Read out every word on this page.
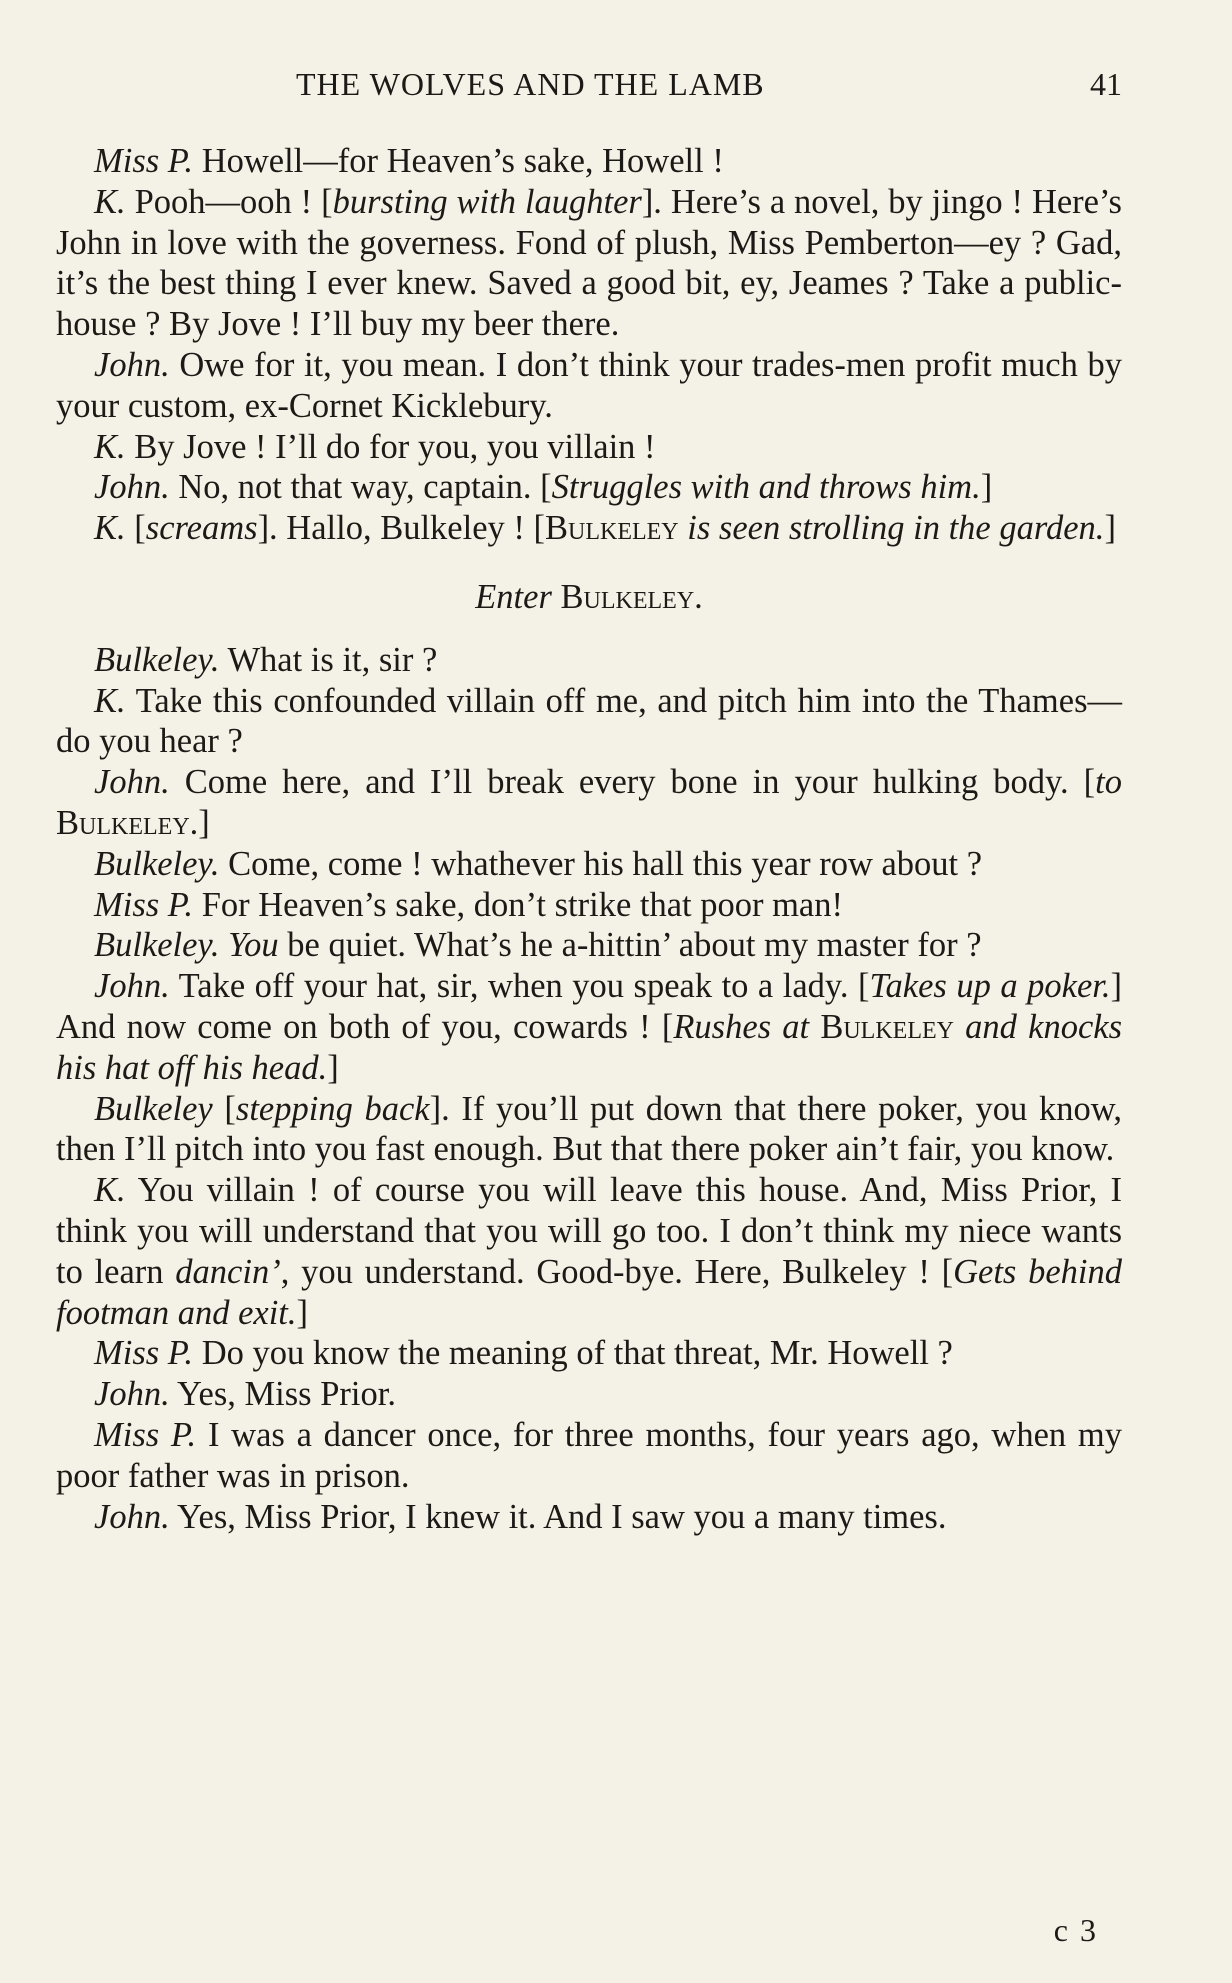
THE WOLVES AND THE LAMB	41

Miss P. Howell—for Heaven’s sake, Howell !

K. Pooh—ooh ! [bursting with laughter]. Here’s a novel, by jingo ! Here’s John in love with the governess. Fond of plush, Miss Pemberton—ey ? Gad, it’s the best thing I ever knew. Saved a good bit, ey, Jeames ? Take a public-house ? By Jove ! I’ll buy my beer there.

John. Owe for it, you mean. I don’t think your trades-men profit much by your custom, ex-Cornet Kicklebury.

K. By Jove ! I’ll do for you, you villain !

John. No, not that way, captain. [Struggles with and throws him.]

K. [screams]. Hallo, Bulkeley ! [Bulkeley is seen strolling in the garden.]

Enter Bulkeley.

Bulkeley. What is it, sir ?

K. Take this confounded villain off me, and pitch him into the Thames—do you hear ?

John. Come here, and I’ll break every bone in your hulking body. [to Bulkeley.]

Bulkeley. Come, come ! whathever his hall this year row about ?

Miss P. For Heaven’s sake, don’t strike that poor man!

Bulkeley. You be quiet. What’s he a-hittin’ about my master for ?

John. Take off your hat, sir, when you speak to a lady. [Takes up a poker.] And now come on both of you, cowards ! [Rushes at Bulkeley and knocks his hat off his head.]

Bulkeley [stepping back]. If you’ll put down that there poker, you know, then I’ll pitch into you fast enough. But that there poker ain’t fair, you know.

K. You villain ! of course you will leave this house. And, Miss Prior, I think you will understand that you will go too. I don’t think my niece wants to learn dancin’, you understand. Good-bye. Here, Bulkeley ! [Gets behind footman and exit.]

Miss P. Do you know the meaning of that threat, Mr. Howell ?

John. Yes, Miss Prior.

Miss P. I was a dancer once, for three months, four years ago, when my poor father was in prison.

John. Yes, Miss Prior, I knew it. And I saw you a many times.

c 3
